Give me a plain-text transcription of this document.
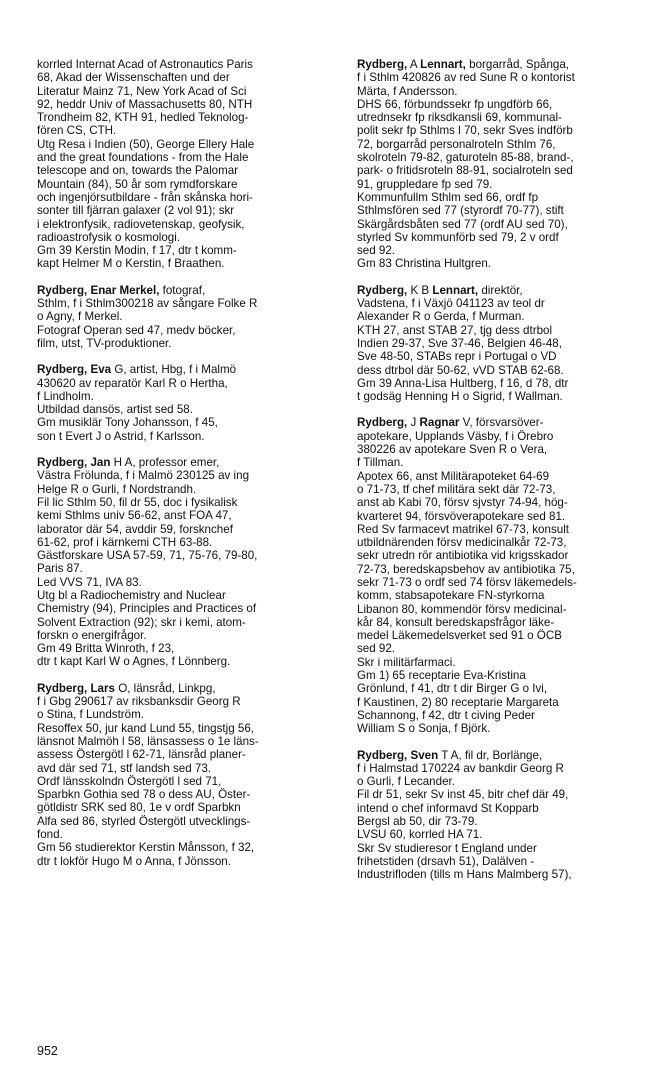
korrled Internat Acad of Astronautics Paris
68, Akad der Wissenschaften und der
Literatur Mainz 71, New York Acad of Sci
92, heddr Univ of Massachusetts 80, NTH
Trondheim 82, KTH 91, hedled Teknolog-
fören CS, CTH.
Utg Resa i Indien (50), George Ellery Hale
and the great foundations - from the Hale
telescope and on, towards the Palomar
Mountain (84), 50 år som rymdforskare
och ingenjörsutbildare - från skånska hori-
sonter till fjärran galaxer (2 vol 91); skr
i elektronfysik, radiovetenskap, geofysik,
radioastrofysik o kosmologi.
Gm 39 Kerstin Modin, f 17, dtr t komm-
kapt Helmer M o Kerstin, f Braathen.
Rydberg, Enar Merkel, fotograf,
Sthlm, f i Sthlm300218 av sångare Folke R
o Agny, f Merkel.
Fotograf Operan sed 47, medv böcker,
film, utst, TV-produktioner.
Rydberg, Eva G, artist, Hbg, f i Malmö
430620 av reparatör Karl R o Hertha,
f Lindholm.
Utbildad dansös, artist sed 58.
Gm musiklär Tony Johansson, f 45,
son t Evert J o Astrid, f Karlsson.
Rydberg, Jan H A, professor emer,
Västra Frölunda, f i Malmö 230125 av ing
Helge R o Gurli, f Nordstrandh.
Fil lic Sthlm 50, fil dr 55, doc i fysikalisk
kemi Sthlms univ 56-62, anst FOA 47,
laborator där 54, avddir 59, forsknchef
61-62, prof i kärnkemi CTH 63-88.
Gästforskare USA 57-59, 71, 75-76, 79-80,
Paris 87.
Led VVS 71, IVA 83.
Utg bl a Radiochemistry and Nuclear
Chemistry (94), Principles and Practices of
Solvent Extraction (92); skr i kemi, atom-
forskn o energifrågor.
Gm 49 Britta Winroth, f 23,
dtr t kapt Karl W o Agnes, f Lönnberg.
Rydberg, Lars O, länsråd, Linkpg,
f i Gbg 290617 av riksbanksdir Georg R
o Stina, f Lundström.
Resoffex 50, jur kand Lund 55, tingstjg 56,
länsnot Malmöh l 58, länsassess o 1e läns-
assess Östergötl l 62-71, länsråd planer-
avd där sed 71, stf landsh sed 73.
Ordf länsskolndn Östergötl l sed 71,
Sparbkn Gothia sed 78 o dess AU, Öster-
götldistr SRK sed 80, 1e v ordf Sparbkn
Alfa sed 86, styrled Östergötl utvecklings-
fond.
Gm 56 studierektor Kerstin Månsson, f 32,
dtr t lokför Hugo M o Anna, f Jönsson.
Rydberg, A Lennart, borgarråd, Spånga,
f i Sthlm 420826 av red Sune R o kontorist
Märta, f Andersson.
DHS 66, förbundssekr fp ungdförb 66,
utrednsekr fp riksdkansli 69, kommunal-
polit sekr fp Sthlms l 70, sekr Sves indförb
72, borgarråd personalroteln Sthlm 76,
skolroteln 79-82, gaturoteln 85-88, brand-,
park- o fritidsroteln 88-91, socialroteln sed
91, gruppledare fp sed 79.
Kommunfullm Sthlm sed 66, ordf fp
Sthlmsfören sed 77 (styrordf 70-77), stift
Skärgårdsbåten sed 77 (ordf AU sed 70),
styrled Sv kommunförb sed 79, 2 v ordf
sed 92.
Gm 83 Christina Hultgren.
Rydberg, K B Lennart, direktör,
Vadstena, f i Växjö 041123 av teol dr
Alexander R o Gerda, f Murman.
KTH 27, anst STAB 27, tjg dess dtrbol
Indien 29-37, Sve 37-46, Belgien 46-48,
Sve 48-50, STABs repr i Portugal o VD
dess dtrbol där 50-62, vVD STAB 62-68.
Gm 39 Anna-Lisa Hultberg, f 16, d 78, dtr
t godsäg Henning H o Sigrid, f Wallman.
Rydberg, J Ragnar V, försvarsöver-
apotekare, Upplands Väsby, f i Örebro
380226 av apotekare Sven R o Vera,
f Tillman.
Apotex 66, anst Militärapoteket 64-69
o 71-73, tf chef militära sekt där 72-73,
anst ab Kabi 70, försv sjvstyr 74-94, hög-
kvarteret 94, försvöverapotekare sed 81.
Red Sv farmacevt matrikel 67-73, konsult
utbildnärenden försv medicinalkår 72-73,
sekr utredn rör antibiotika vid krigsskador
72-73, beredskapsbehov av antibiotika 75,
sekr 71-73 o ordf sed 74 försv läkemedels-
komm, stabsapotekare FN-styrkorna
Libanon 80, kommendör försv medicinal-
kår 84, konsult beredskapsfrågor läke-
medel Läkemedelsverket sed 91 o ÖCB
sed 92.
Skr i militärfarmaci.
Gm 1) 65 receptarie Eva-Kristina
Grönlund, f 41, dtr t dir Birger G o Ivi,
f Kaustinen, 2) 80 receptarie Margareta
Schannong, f 42, dtr t civing Peder
William S o Sonja, f Björk.
Rydberg, Sven T A, fil dr, Borlänge,
f i Halmstad 170224 av bankdir Georg R
o Gurli, f Lecander.
Fil dr 51, sekr Sv inst 45, bitr chef där 49,
intend o chef informavd St Kopparb
Bergsl ab 50, dir 73-79.
LVSU 60, korrled HA 71.
Skr Sv studieresor t England under
frihetstiden (drsavh 51), Dalälven -
Industrifloden (tills m Hans Malmberg 57),
952
